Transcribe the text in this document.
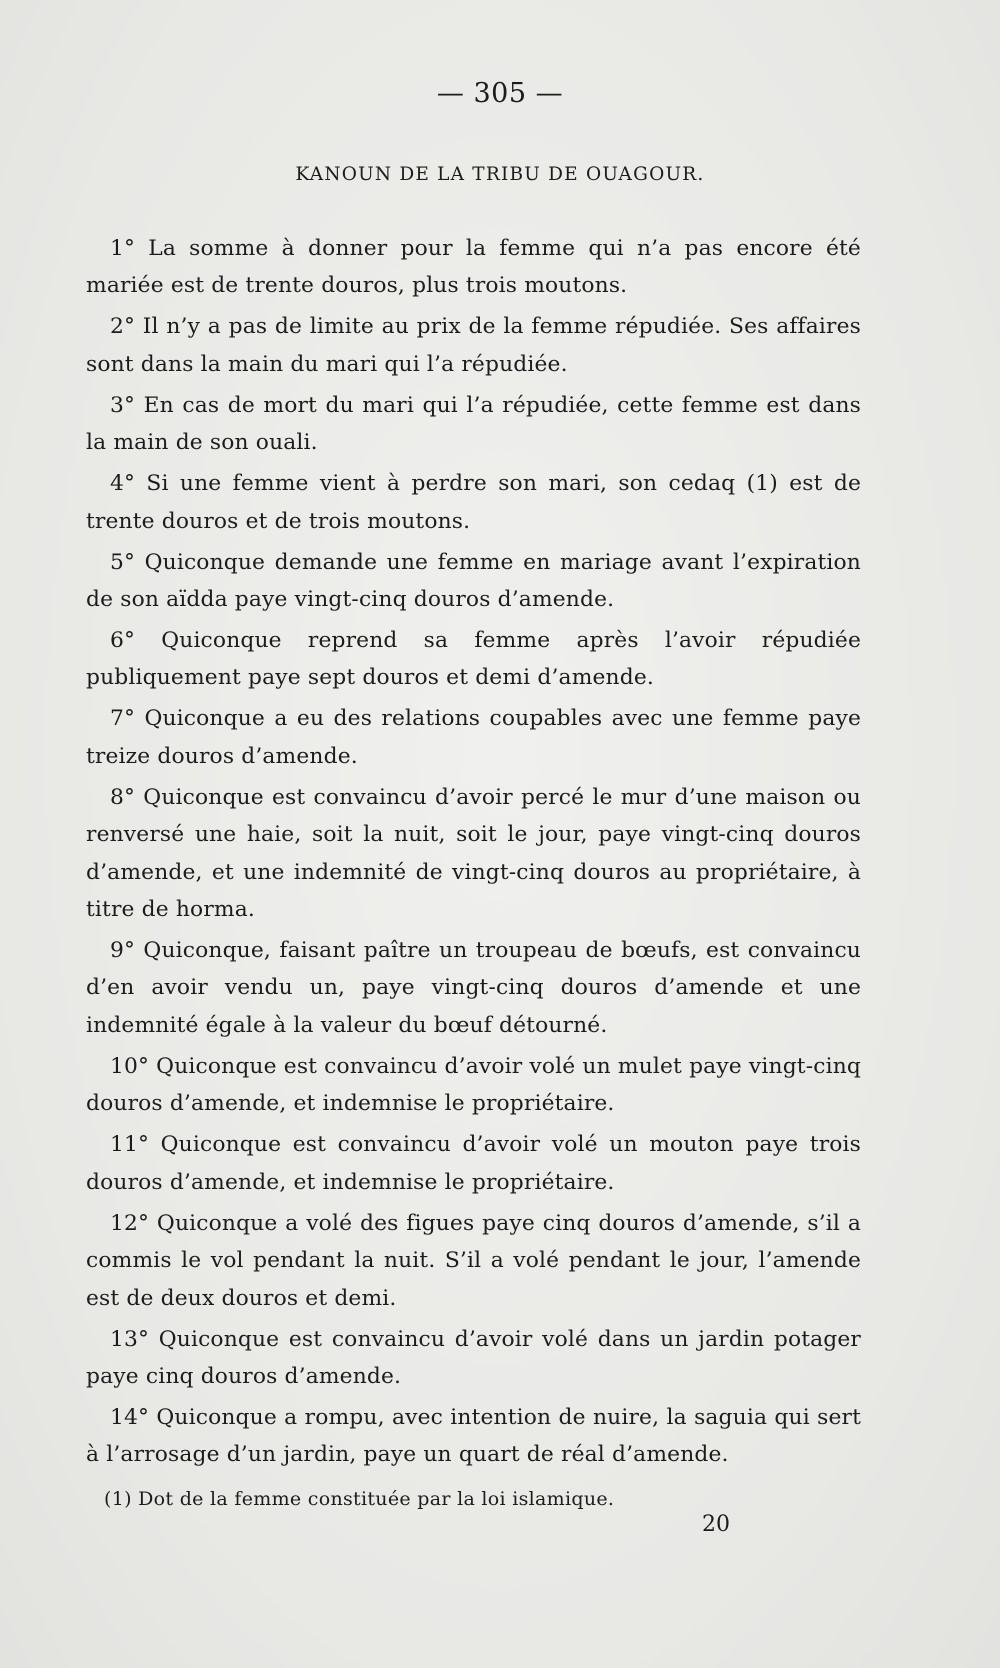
— 305 —
KANOUN DE LA TRIBU DE OUAGOUR.

1° La somme à donner pour la femme qui n’a pas encore été mariée est de trente douros, plus trois moutons.

2° Il n’y a pas de limite au prix de la femme répudiée. Ses affaires sont dans la main du mari qui l’a répudiée.

3° En cas de mort du mari qui l’a répudiée, cette femme est dans la main de son ouali.

4° Si une femme vient à perdre son mari, son cedaq (1) est de trente douros et de trois moutons.

5° Quiconque demande une femme en mariage avant l’expiration de son aïdda paye vingt-cinq douros d’amende.

6° Quiconque reprend sa femme après l’avoir répudiée publiquement paye sept douros et demi d’amende.

7° Quiconque a eu des relations coupables avec une femme paye treize douros d’amende.

8° Quiconque est convaincu d’avoir percé le mur d’une maison ou renversé une haie, soit la nuit, soit le jour, paye vingt-cinq douros d’amende, et une indemnité de vingt-cinq douros au propriétaire, à titre de horma.

9° Quiconque, faisant paître un troupeau de bœufs, est convaincu d’en avoir vendu un, paye vingt-cinq douros d’amende et une indemnité égale à la valeur du bœuf détourné.

10° Quiconque est convaincu d’avoir volé un mulet paye vingt-cinq douros d’amende, et indemnise le propriétaire.

11° Quiconque est convaincu d’avoir volé un mouton paye trois douros d’amende, et indemnise le propriétaire.

12° Quiconque a volé des figues paye cinq douros d’amende, s’il a commis le vol pendant la nuit. S’il a volé pendant le jour, l’amende est de deux douros et demi.

13° Quiconque est convaincu d’avoir volé dans un jardin potager paye cinq douros d’amende.

14° Quiconque a rompu, avec intention de nuire, la saguia qui sert à l’arrosage d’un jardin, paye un quart de réal d’amende.

(1) Dot de la femme constituée par la loi islamique.
20
